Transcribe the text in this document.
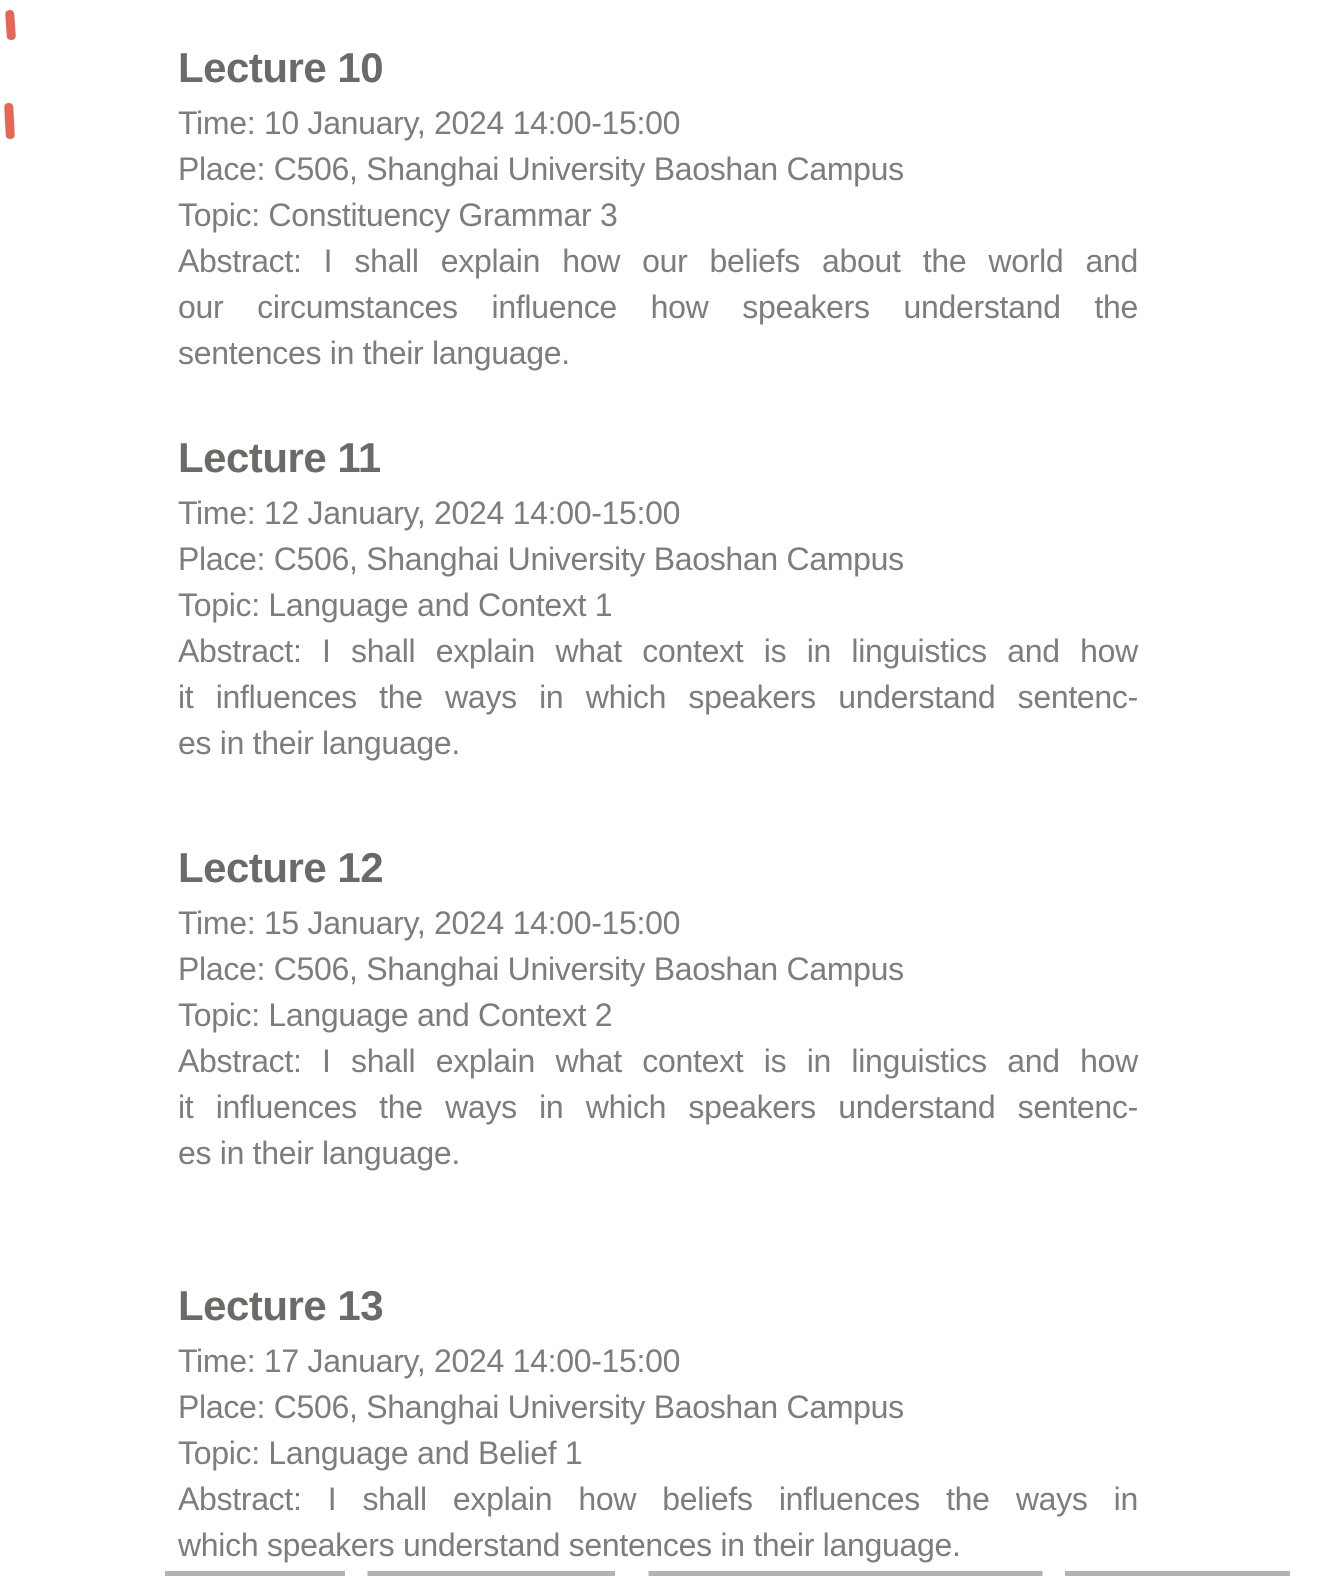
Lecture 10
Time: 10 January, 2024 14:00-15:00
Place: C506, Shanghai University Baoshan Campus
Topic: Constituency Grammar 3
Abstract: I shall explain how our beliefs about the world and
our circumstances influence how speakers understand the
sentences in their language.
Lecture 11
Time: 12 January, 2024 14:00-15:00
Place: C506, Shanghai University Baoshan Campus
Topic: Language and Context 1
Abstract: I shall explain what context is in linguistics and how
it influences the ways in which speakers understand sentenc-
es in their language.
Lecture 12
Time: 15 January, 2024 14:00-15:00
Place: C506, Shanghai University Baoshan Campus
Topic: Language and Context 2
Abstract: I shall explain what context is in linguistics and how
it influences the ways in which speakers understand sentenc-
es in their language.
Lecture 13
Time: 17 January, 2024 14:00-15:00
Place: C506, Shanghai University Baoshan Campus
Topic: Language and Belief 1
Abstract: I shall explain how beliefs influences the ways in
which speakers understand sentences in their language.
